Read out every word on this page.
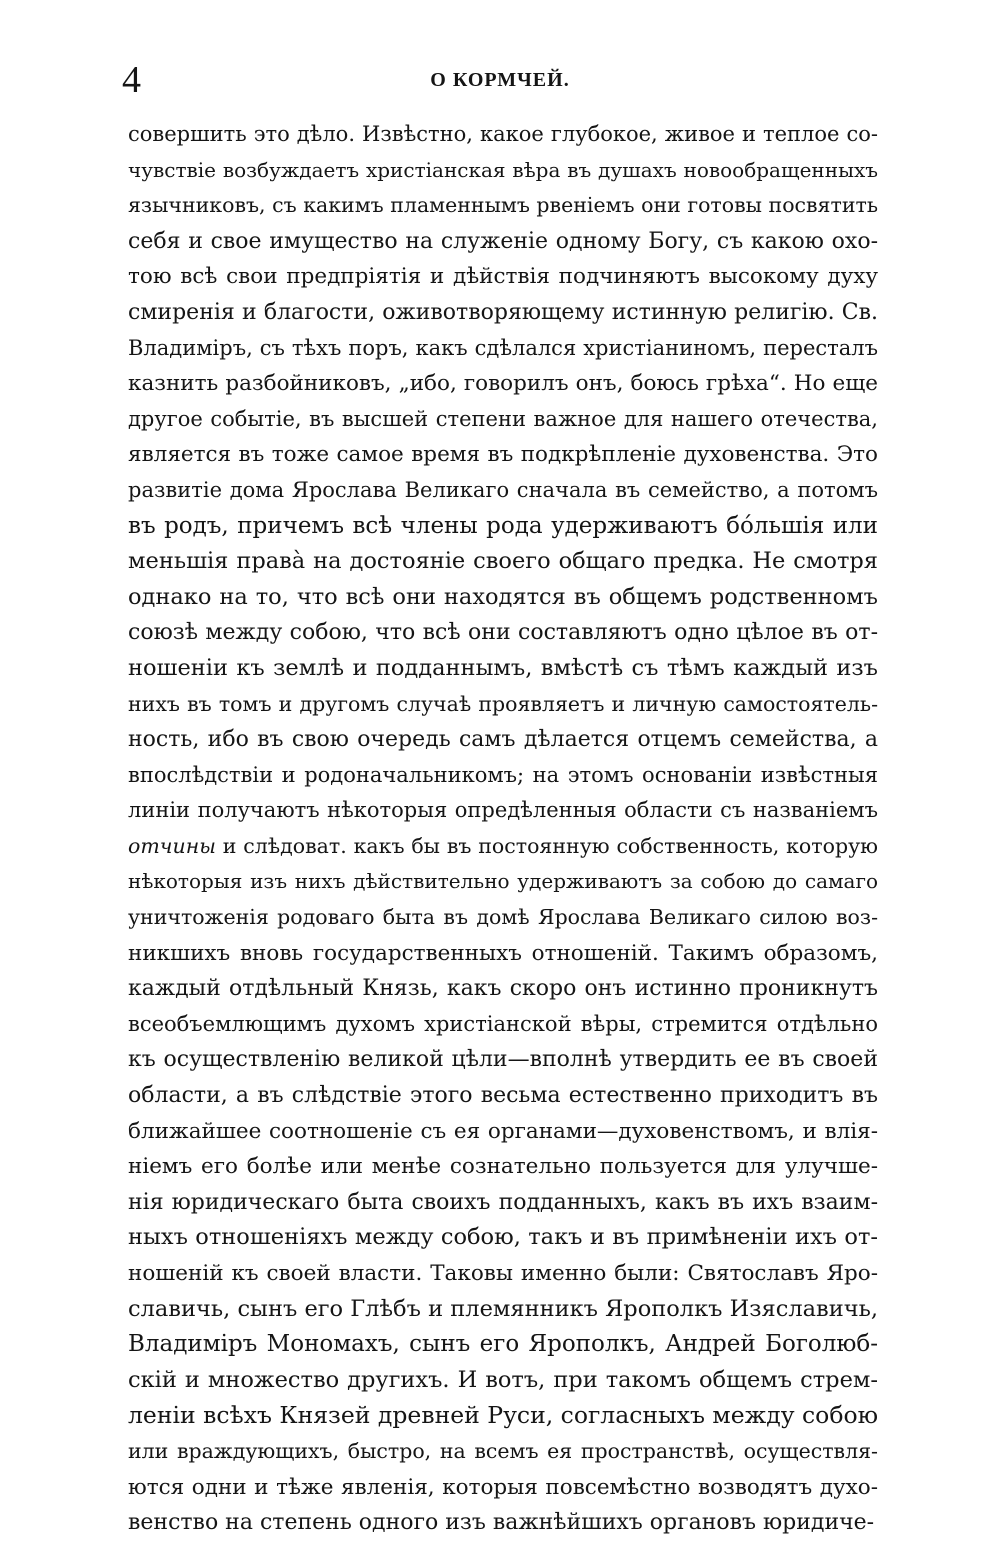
4	О КОРМЧЕЙ.
совершить это дѣло. Извѣстно, какое глубокое, живое и теплое со-
чувствіе возбуждаетъ христіанская вѣра въ душахъ новообращенныхъ
язычниковъ, съ какимъ пламеннымъ рвеніемъ они готовы посвятить
себя и свое имущество на служеніе одному Богу, съ какою охо-
тою всѣ свои предпріятія и дѣйствія подчиняютъ высокому духу
смиренія и благости, оживотворяющему истинную религію. Св.
Владиміръ, съ тѣхъ поръ, какъ сдѣлался христіаниномъ, пересталъ
казнить разбойниковъ, „ибо, говорилъ онъ, боюсь грѣха“. Но еще
другое событіе, въ высшей степени важное для нашего отечества,
является въ тоже самое время въ подкрѣпленіе духовенства. Это
развитіе дома Ярослава Великаго сначала въ семейство, а потомъ
въ родъ, причемъ всѣ члены рода удерживаютъ бо́льшія или
меньшія права̀ на достояніе своего общаго предка. Не смотря
однако на то, что всѣ они находятся въ общемъ родственномъ
союзѣ между собою, что всѣ они составляютъ одно цѣлое въ от-
ношеніи къ землѣ и подданнымъ, вмѣстѣ съ тѣмъ каждый изъ
нихъ въ томъ и другомъ случаѣ проявляетъ и личную самостоятель-
ность, ибо въ свою очередь самъ дѣлается отцемъ семейства, а
впослѣдствіи и родоначальникомъ; на этомъ основаніи извѣстныя
линіи получаютъ нѣкоторыя опредѣленныя области съ названіемъ
отчины и слѣдоват. какъ бы въ постоянную собственность, которую
нѣкоторыя изъ нихъ дѣйствительно удерживаютъ за собою до самаго
уничтоженія родоваго быта въ домѣ Ярослава Великаго силою воз-
никшихъ вновь государственныхъ отношеній. Такимъ образомъ,
каждый отдѣльный Князь, какъ скоро онъ истинно проникнутъ
всеобъемлющимъ духомъ христіанской вѣры, стремится отдѣльно
къ осуществленію великой цѣли—вполнѣ утвердить ее въ своей
области, а въ слѣдствіе этого весьма естественно приходитъ въ
ближайшее соотношеніе съ ея органами—духовенствомъ, и влія-
ніемъ его болѣе или менѣе сознательно пользуется для улучше-
нія юридическаго быта своихъ подданныхъ, какъ въ ихъ взаим-
ныхъ отношеніяхъ между собою, такъ и въ примѣненіи ихъ от-
ношеній къ своей власти. Таковы именно были: Святославъ Яро-
славичь, сынъ его Глѣбъ и племянникъ Ярополкъ Изяславичь,
Владиміръ Мономахъ, сынъ его Ярополкъ, Андрей Боголюб-
скій и множество другихъ. И вотъ, при такомъ общемъ стрем-
леніи всѣхъ Князей древней Руси, согласныхъ между собою
или враждующихъ, быстро, на всемъ ея пространствѣ, осуществля-
ются одни и тѣже явленія, которыя повсемѣстно возводятъ духо-
венство на степень одного изъ важнѣйшихъ органовъ юридиче-
